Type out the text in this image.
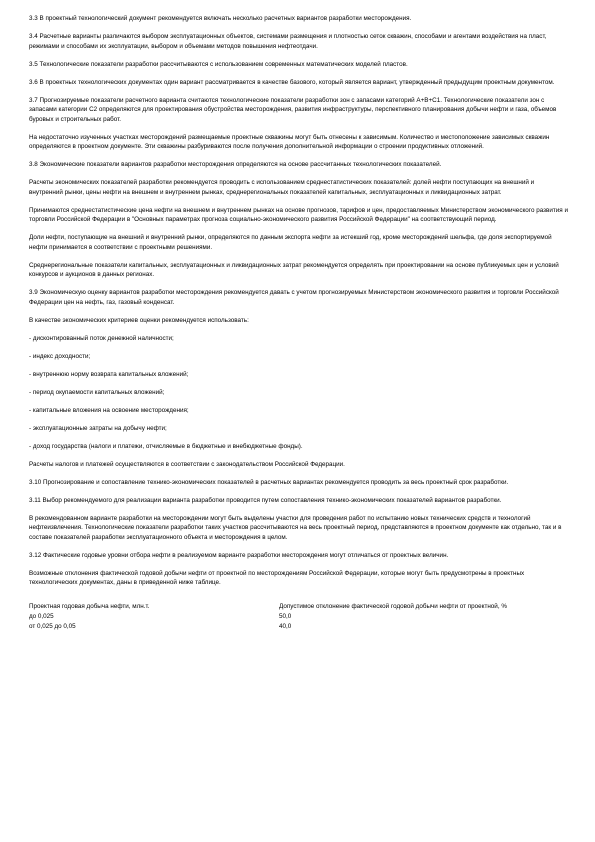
3.3 В проектный технологический документ рекомендуется включать несколько расчетных вариантов разработки месторождения.

3.4 Расчетные варианты различаются выбором эксплуатационных объектов, системами размещения и плотностью сеток скважин, способами и агентами воздействия на пласт, режимами и способами их эксплуатации, выбором и объемами методов повышения нефтеотдачи.

3.5 Технологические показатели разработки рассчитываются с использованием современных математических моделей пластов.

3.6 В проектных технологических документах один вариант рассматривается в качестве базового, который является вариант, утвержденный предыдущим проектным документом.

3.7 Прогнозируемые показатели расчетного варианта считаются технологические показатели разработки зон с запасами категорий А+В+С1. Технологические показатели зон с запасами категории С2 определяются для проектирования обустройства месторождения, развития инфраструктуры, перспективного планирования добычи нефти и газа, объемов буровых и строительных работ.

На недостаточно изученных участках месторождений размещаемые проектные скважины могут быть отнесены к зависимым. Количество и местоположение зависимых скважин определяются в проектном документе. Эти скважины разбуриваются после получения дополнительной информации о строении продуктивных отложений.

3.8 Экономические показатели вариантов разработки месторождения определяются на основе рассчитанных технологических показателей.

Расчеты экономических показателей разработки рекомендуется проводить с использованием среднестатистических показателей: долей нефти поступающих на внешний и внутренний рынки, цены нефти на внешнем и внутреннем рынках, среднерегиональных показателей капитальных, эксплуатационных и ликвидационных затрат.

Принимаются среднестатистические цена нефти на внешнем и внутреннем рынках на основе прогнозов, тарифов и цен, предоставляемых Министерством экономического развития и торговли Российской Федерации в "Основных параметрах прогноза социально-экономического развития Российской Федерации" на соответствующий период.

Доли нефти, поступающие на внешний и внутренний рынки, определяются по данным экспорта нефти за истекший год, кроме месторождений шельфа, где доля экспортируемой нефти принимается в соответствии с проектными решениями.

Среднерегиональные показатели капитальных, эксплуатационных и ликвидационных затрат рекомендуется определять при проектировании на основе публикуемых цен и условий конкурсов и аукционов в данных регионах.

3.9 Экономическую оценку вариантов разработки месторождения рекомендуется давать с учетом прогнозируемых Министерством экономического развития и торговли Российской Федерации цен на нефть, газ, газовый конденсат.

В качестве экономических критериев оценки рекомендуется использовать:

- дисконтированный поток денежной наличности;

- индекс доходности;

- внутреннюю норму возврата капитальных вложений;

- период окупаемости капитальных вложений;

- капитальные вложения на освоение месторождения;

- эксплуатационные затраты на добычу нефти;

- доход государства (налоги и платежи, отчисляемые в бюджетные и внебюджетные фонды).

Расчеты налогов и платежей осуществляются в соответствии с законодательством Российской Федерации.

3.10 Прогнозирование и сопоставление технико-экономических показателей в расчетных вариантах рекомендуется проводить за весь проектный срок разработки.

3.11 Выбор рекомендуемого для реализации варианта разработки проводится путем сопоставления технико-экономических показателей вариантов разработки.

В рекомендованном варианте разработки на месторождении могут быть выделены участки для проведения работ по испытанию новых технических средств и технологий нефтеизвлечения. Технологические показатели разработки таких участков рассчитываются на весь проектный период, представляются в проектном документе как отдельно, так и в составе показателей разработки эксплуатационного объекта и месторождения в целом.

3.12 Фактические годовые уровни отбора нефти в реализуемом варианте разработки месторождения могут отличаться от проектных величин.

Возможные отклонения фактической годовой добычи нефти от проектной по месторождениям Российской Федерации, которые могут быть предусмотрены в проектных технологических документах, даны в приведенной ниже таблице.

Проектная годовая добыча нефти, млн.т.	Допустимое отклонение фактической годовой добычи нефти от проектной, %
до 0,025	50,0
от 0,025 до 0,05	40,0
